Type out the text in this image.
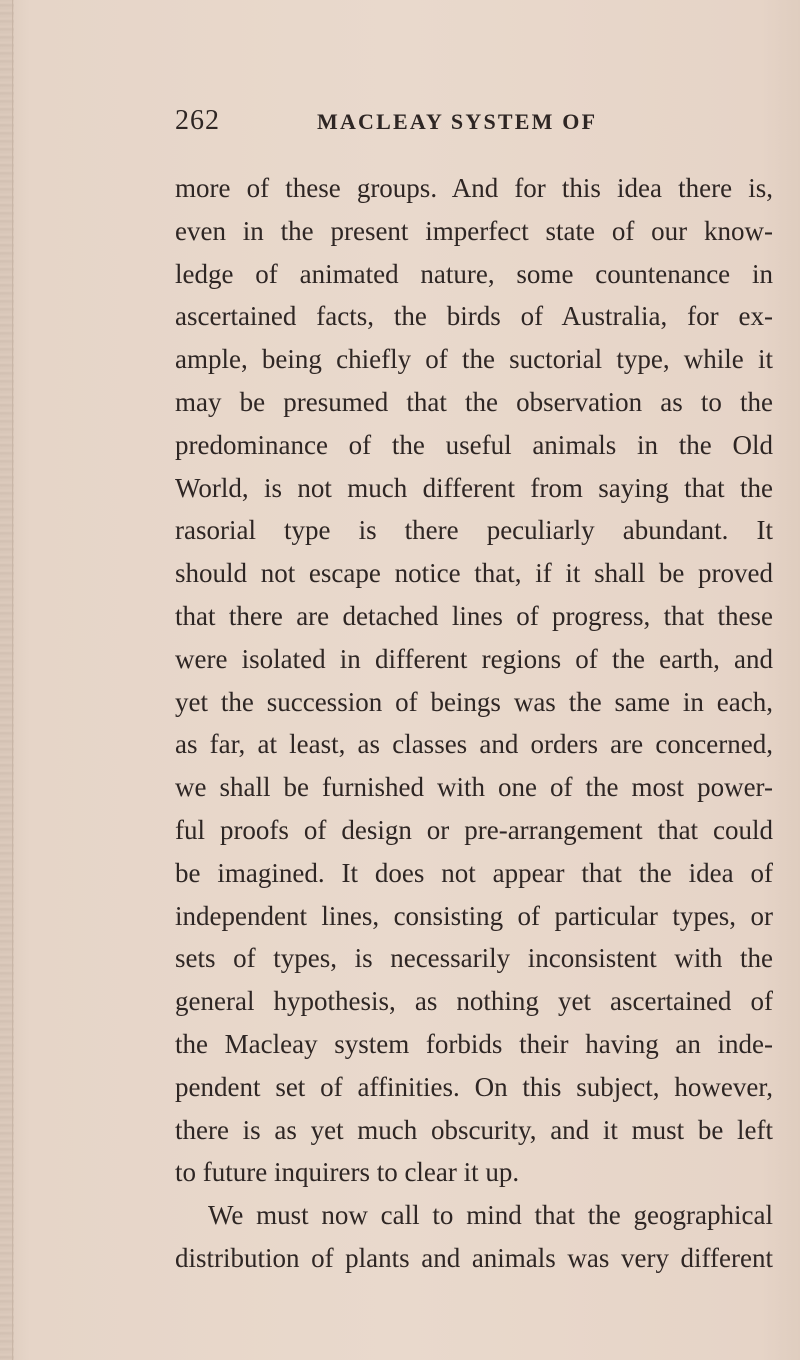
262	MACLEAY SYSTEM OF
more of these groups. And for this idea there is,
even in the present imperfect state of our know-
ledge of animated nature, some countenance in
ascertained facts, the birds of Australia, for ex-
ample, being chiefly of the suctorial type, while it
may be presumed that the observation as to the
predominance of the useful animals in the Old
World, is not much different from saying that the
rasorial type is there peculiarly abundant. It
should not escape notice that, if it shall be proved
that there are detached lines of progress, that these
were isolated in different regions of the earth, and
yet the succession of beings was the same in each,
as far, at least, as classes and orders are concerned,
we shall be furnished with one of the most power-
ful proofs of design or pre-arrangement that could
be imagined. It does not appear that the idea of
independent lines, consisting of particular types, or
sets of types, is necessarily inconsistent with the
general hypothesis, as nothing yet ascertained of
the Macleay system forbids their having an inde-
pendent set of affinities. On this subject, however,
there is as yet much obscurity, and it must be left
to future inquirers to clear it up.
We must now call to mind that the geographical
distribution of plants and animals was very different
